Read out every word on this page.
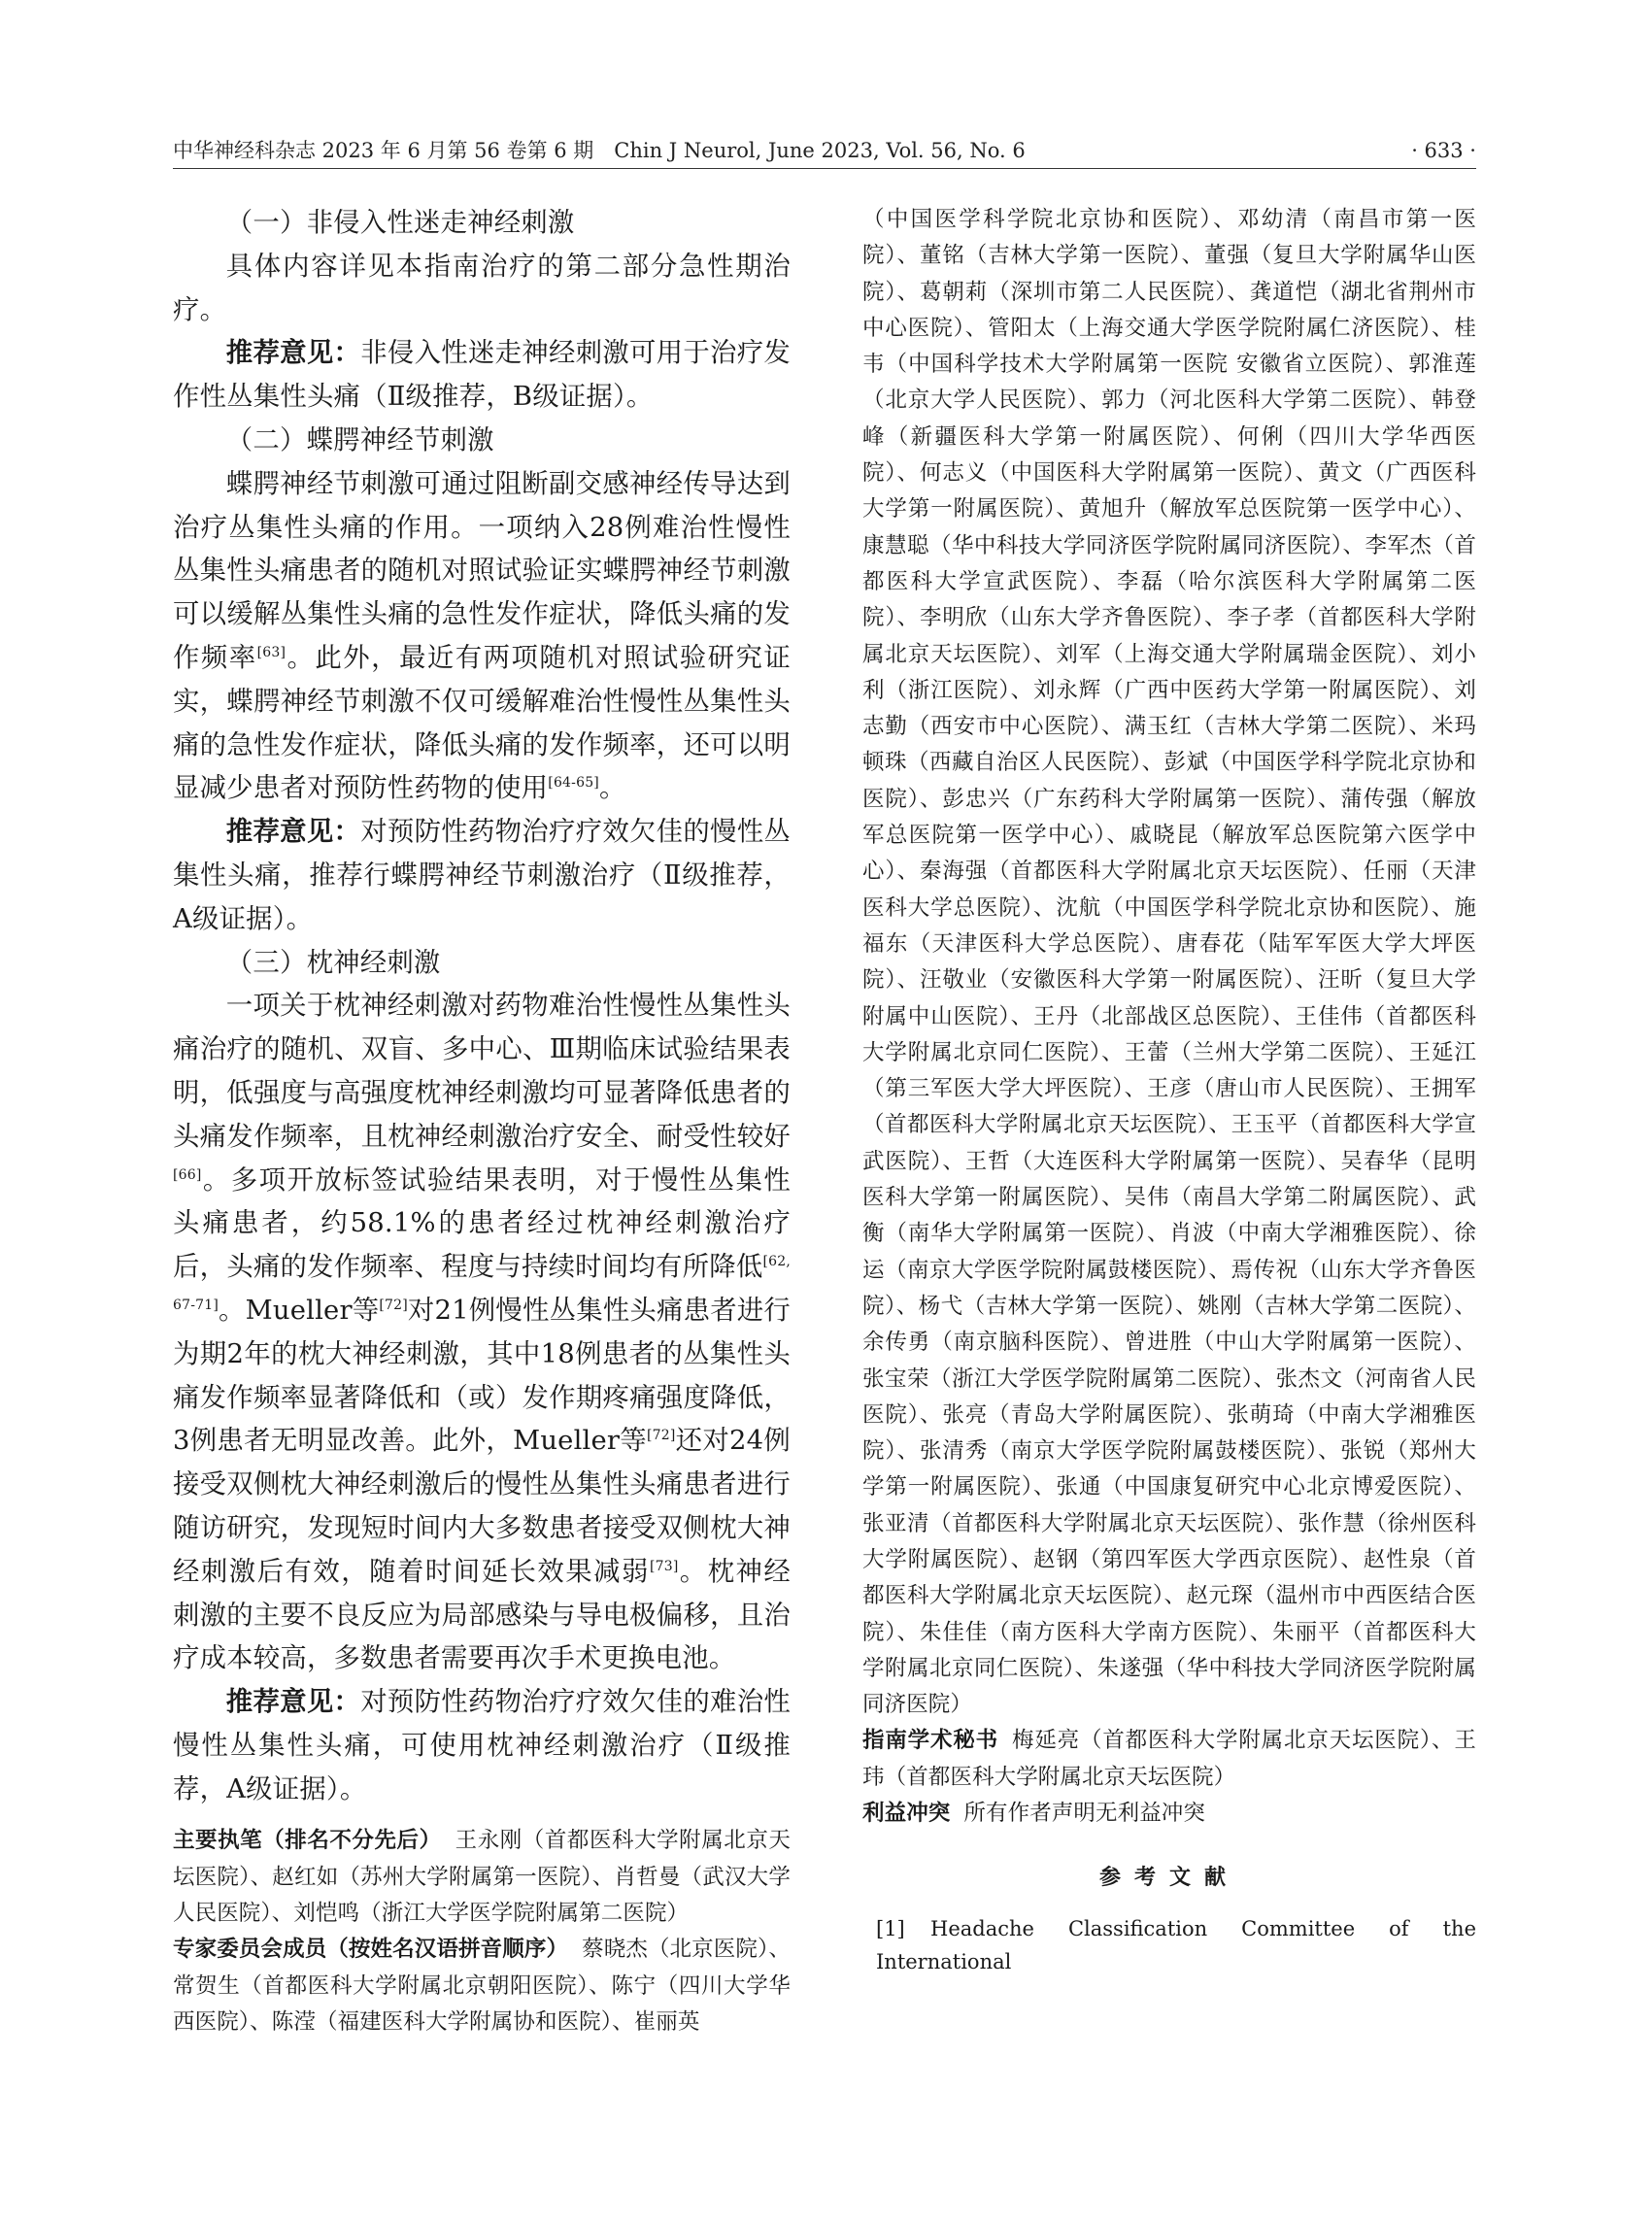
中华神经科杂志 2023 年 6 月第 56 卷第 6 期　Chin J Neurol, June 2023, Vol. 56, No. 6	· 633 ·

（一）非侵入性迷走神经刺激

具体内容详见本指南治疗的第二部分急性期治疗。

推荐意见：非侵入性迷走神经刺激可用于治疗发作性丛集性头痛（Ⅱ级推荐，B级证据）。

（二）蝶腭神经节刺激

蝶腭神经节刺激可通过阻断副交感神经传导达到治疗丛集性头痛的作用。一项纳入28例难治性慢性丛集性头痛患者的随机对照试验证实蝶腭神经节刺激可以缓解丛集性头痛的急性发作症状，降低头痛的发作频率[63]。此外，最近有两项随机对照试验研究证实，蝶腭神经节刺激不仅可缓解难治性慢性丛集性头痛的急性发作症状，降低头痛的发作频率，还可以明显减少患者对预防性药物的使用[64-65]。

推荐意见：对预防性药物治疗疗效欠佳的慢性丛集性头痛，推荐行蝶腭神经节刺激治疗（Ⅱ级推荐，A级证据）。

（三）枕神经刺激

一项关于枕神经刺激对药物难治性慢性丛集性头痛治疗的随机、双盲、多中心、Ⅲ期临床试验结果表明，低强度与高强度枕神经刺激均可显著降低患者的头痛发作频率，且枕神经刺激治疗安全、耐受性较好[66]。多项开放标签试验结果表明，对于慢性丛集性头痛患者，约58.1%的患者经过枕神经刺激治疗后，头痛的发作频率、程度与持续时间均有所降低[62, 67-71]。Mueller等[72]对21例慢性丛集性头痛患者进行为期2年的枕大神经刺激，其中18例患者的丛集性头痛发作频率显著降低和（或）发作期疼痛强度降低，3例患者无明显改善。此外，Mueller等[72]还对24例接受双侧枕大神经刺激后的慢性丛集性头痛患者进行随访研究，发现短时间内大多数患者接受双侧枕大神经刺激后有效，随着时间延长效果减弱[73]。枕神经刺激的主要不良反应为局部感染与导电极偏移，且治疗成本较高，多数患者需要再次手术更换电池。

推荐意见：对预防性药物治疗疗效欠佳的难治性慢性丛集性头痛，可使用枕神经刺激治疗（Ⅱ级推荐，A级证据）。

主要执笔（排名不分先后） 王永刚（首都医科大学附属北京天坛医院）、赵红如（苏州大学附属第一医院）、肖哲曼（武汉大学人民医院）、刘恺鸣（浙江大学医学院附属第二医院）

专家委员会成员（按姓名汉语拼音顺序） 蔡晓杰（北京医院）、常贺生（首都医科大学附属北京朝阳医院）、陈宁（四川大学华西医院）、陈滢（福建医科大学附属协和医院）、崔丽英

（中国医学科学院北京协和医院）、邓幼清（南昌市第一医院）、董铭（吉林大学第一医院）、董强（复旦大学附属华山医院）、葛朝莉（深圳市第二人民医院）、龚道恺（湖北省荆州市中心医院）、管阳太（上海交通大学医学院附属仁济医院）、桂韦（中国科学技术大学附属第一医院 安徽省立医院）、郭淮莲（北京大学人民医院）、郭力（河北医科大学第二医院）、韩登峰（新疆医科大学第一附属医院）、何俐（四川大学华西医院）、何志义（中国医科大学附属第一医院）、黄文（广西医科大学第一附属医院）、黄旭升（解放军总医院第一医学中心）、康慧聪（华中科技大学同济医学院附属同济医院）、李军杰（首都医科大学宣武医院）、李磊（哈尔滨医科大学附属第二医院）、李明欣（山东大学齐鲁医院）、李子孝（首都医科大学附属北京天坛医院）、刘军（上海交通大学附属瑞金医院）、刘小利（浙江医院）、刘永辉（广西中医药大学第一附属医院）、刘志勤（西安市中心医院）、满玉红（吉林大学第二医院）、米玛顿珠（西藏自治区人民医院）、彭斌（中国医学科学院北京协和医院）、彭忠兴（广东药科大学附属第一医院）、蒲传强（解放军总医院第一医学中心）、戚晓昆（解放军总医院第六医学中心）、秦海强（首都医科大学附属北京天坛医院）、任丽（天津医科大学总医院）、沈航（中国医学科学院北京协和医院）、施福东（天津医科大学总医院）、唐春花（陆军军医大学大坪医院）、汪敬业（安徽医科大学第一附属医院）、汪昕（复旦大学附属中山医院）、王丹（北部战区总医院）、王佳伟（首都医科大学附属北京同仁医院）、王蕾（兰州大学第二医院）、王延江（第三军医大学大坪医院）、王彦（唐山市人民医院）、王拥军（首都医科大学附属北京天坛医院）、王玉平（首都医科大学宣武医院）、王哲（大连医科大学附属第一医院）、吴春华（昆明医科大学第一附属医院）、吴伟（南昌大学第二附属医院）、武衡（南华大学附属第一医院）、肖波（中南大学湘雅医院）、徐运（南京大学医学院附属鼓楼医院）、焉传祝（山东大学齐鲁医院）、杨弋（吉林大学第一医院）、姚刚（吉林大学第二医院）、余传勇（南京脑科医院）、曾进胜（中山大学附属第一医院）、张宝荣（浙江大学医学院附属第二医院）、张杰文（河南省人民医院）、张亮（青岛大学附属医院）、张萌琦（中南大学湘雅医院）、张清秀（南京大学医学院附属鼓楼医院）、张锐（郑州大学第一附属医院）、张通（中国康复研究中心北京博爱医院）、张亚清（首都医科大学附属北京天坛医院）、张作慧（徐州医科大学附属医院）、赵钢（第四军医大学西京医院）、赵性泉（首都医科大学附属北京天坛医院）、赵元琛（温州市中西医结合医院）、朱佳佳（南方医科大学南方医院）、朱丽平（首都医科大学附属北京同仁医院）、朱遂强（华中科技大学同济医学院附属同济医院）

指南学术秘书 梅延亮（首都医科大学附属北京天坛医院）、王玮（首都医科大学附属北京天坛医院）

利益冲突 所有作者声明无利益冲突

参考文献

[1] Headache Classification Committee of the International
